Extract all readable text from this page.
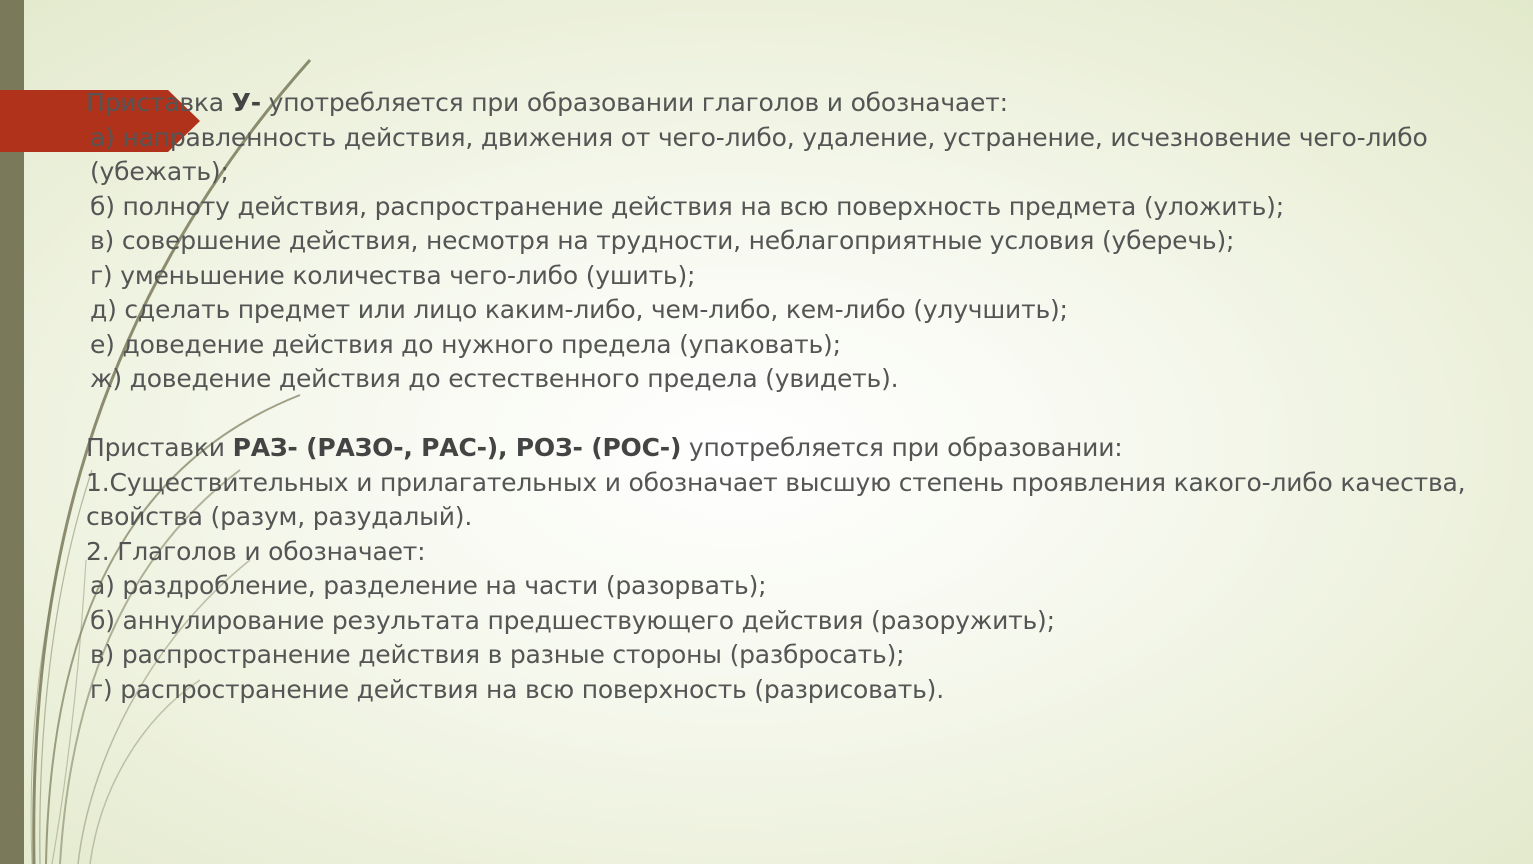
Приставка У- употребляется при образовании глаголов и обозначает:
а) направленность действия, движения от чего-либо, удаление, устранение, исчезновение чего-либо (убежать);
б) полноту действия, распространение действия на всю поверхность предмета (уложить);
в) совершение действия, несмотря на трудности, неблагоприятные условия (уберечь);
г) уменьшение количества чего-либо (ушить);
д) сделать предмет или лицо каким-либо, чем-либо, кем-либо (улучшить);
е) доведение действия до нужного предела (упаковать);
ж) доведение действия до естественного предела (увидеть).
Приставки РАЗ- (РАЗО-, РАС-), РОЗ- (РОС-) употребляется при образовании:
1.Существительных и прилагательных и обозначает высшую степень проявления какого-либо качества, свойства (разум, разудалый).
2. Глаголов и обозначает:
а) раздробление, разделение на части (разорвать);
б) аннулирование результата предшествующего действия (разоружить);
в) распространение действия в разные стороны (разбросать);
г) распространение действия на всю поверхность (разрисовать).
